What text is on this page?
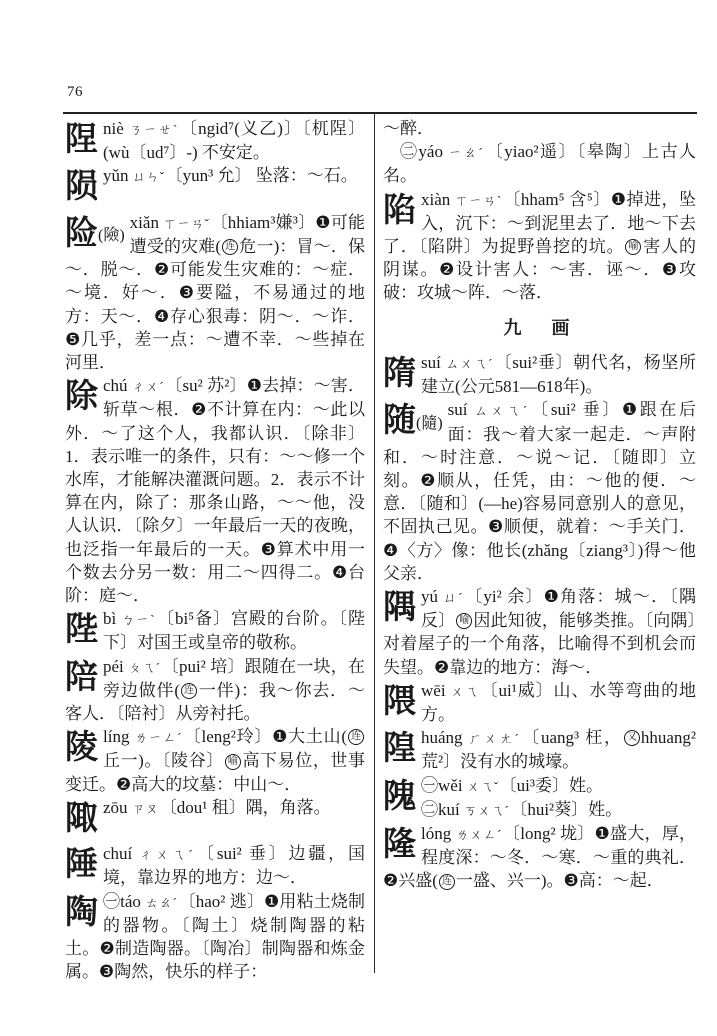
76
陧 niè ㄋㄧㄝˋ〔ngid⁷(义乙)〕〔杌陧〕(wù〔ud⁷〕-) 不安定。
陨 yǔn ㄩㄣˇ〔yun³ 允〕 坠落：～石。
险(險)
xiǎn ㄒㄧㄢˇ〔hhiam³嫌³〕❶可能遭受的灾难( 连 危一)：冒～．保～．脱～．❷可能发生灾难的：～症．～境．好～．❸要隘，不易通过的地方：天～．❹存心狠毒：阴～．～诈．❺几乎，差一点：～遭不幸．～些掉在河里．
除 chú ㄔㄨˊ〔su² 苏²〕❶去掉：～害．斩草～根．❷不计算在内：～此以外．～了这个人，我都认识．〔除非〕1．表示唯一的条件，只有：～～修一个水库，才能解决灌溉问题。2．表示不计算在内，除了：那条山路，～～他，没人认识．〔除夕〕一年最后一天的夜晚，也泛指一年最后的一天。❸算术中用一个数去分另一数：用二～四得二。❹台阶：庭～．
陛 bì ㄅㄧˋ〔bi⁵备〕宫殿的台阶。〔陛下〕对国王或皇帝的敬称。
陪 péi ㄆㄟˊ〔pui² 培〕跟随在一块，在旁边做伴( 连 一伴)：我～你去．～客人．〔陪衬〕从旁衬托。
陵 líng ㄌㄧㄥˊ〔leng²玲〕❶大土山( 连丘一)。〔陵谷〕 喻 高下易位，世事变迁。❷高大的坟墓：中山～．
陬 zōu ㄗㄡ〔dou¹ 租〕隅，角落。
陲 chuí ㄔㄨㄟˊ〔sui² 垂〕边疆，国境，靠边界的地方：边～．
陶 ㊀táo ㄊㄠˊ〔hao² 逃〕❶用粘土烧制的器物。〔陶土〕烧制陶器的粘土。❷制造陶器。〔陶冶〕制陶器和炼金属。❸陶然，快乐的样子：
～醉．
㊁yáo ㄧㄠˊ〔yiao²遥〕〔皋陶〕上古人名。
陷 xiàn ㄒㄧㄢˋ〔hham⁵ 含⁵〕❶掉进，坠入，沉下：～到泥里去了．地～下去了．〔陷阱〕为捉野兽挖的坑。 喻 害人的阴谋。❷设计害人：～害．诬～．❸攻破：攻城～阵．～落．
九　画
隋 suí ㄙㄨㄟˊ〔sui²垂〕朝代名，杨坚所建立(公元581—618年)。
随(隨)
suí ㄙㄨㄟˊ〔sui² 垂〕❶跟在后面：我～着大家一起走．～声附和．～时注意．～说～记．〔随即〕立刻。❷顺从，任凭，由：～他的便．～意．〔随和〕(—he)容易同意别人的意见，不固执己见。❸顺便，就着：～手关门．❹〈方〉像：他长(zhǎng〔ziang³〕)得～他父亲．
隅 yú ㄩˊ〔yi² 余〕❶角落：城～．〔隅反〕 喻 因此知彼，能够类推。〔向隅〕对着屋子的一个角落，比喻得不到机会而失望。❷靠边的地方：海～．
隈 wēi ㄨㄟ〔ui¹威〕山、水等弯曲的地方。
隍 huáng ㄏㄨㄤˊ〔uang³ 枉， 又 hhuang²荒²〕没有水的城壕。
隗 ㊀wěi ㄨㄟˇ〔ui³委〕姓。
㊁kuí ㄎㄨㄟˊ〔hui²葵〕姓。
隆 lóng ㄌㄨㄥˊ〔long² 垅〕❶盛大，厚，程度深：～冬．～寒．～重的典礼．❷兴盛( 连 一盛、兴一)。❸高：～起．
